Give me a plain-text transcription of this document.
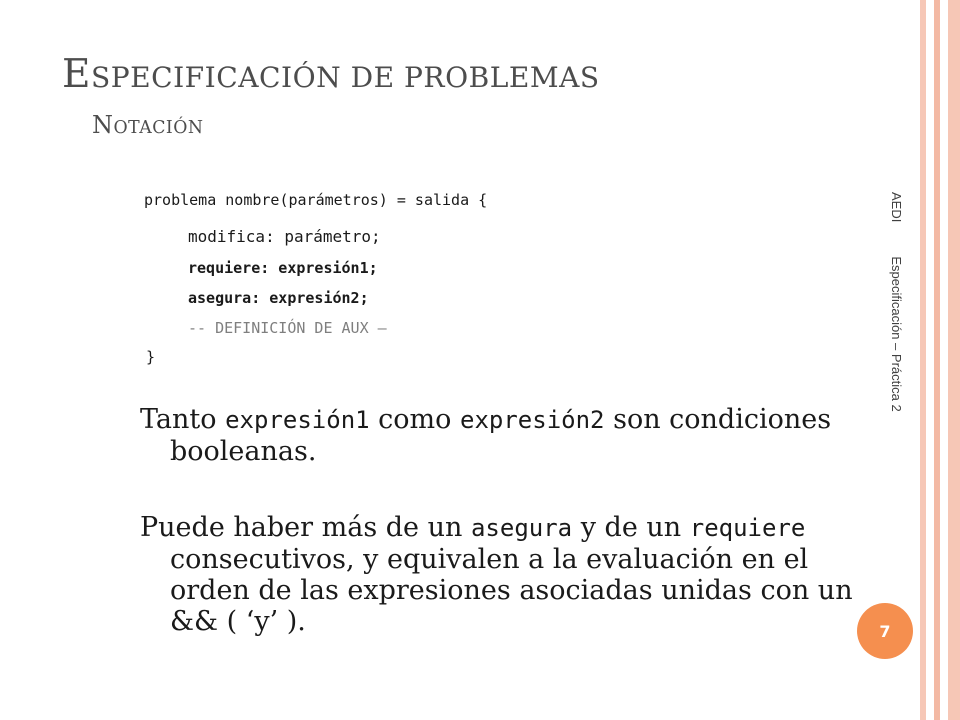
ESPECIFICACIÓN DE PROBLEMAS
NOTACIÓN
problema nombre(parámetros) = salida {
modifica: parámetro;
requiere: expresión1;
asegura: expresión2;
-- DEFINICIÓN DE AUX –
}

Tanto expresión1 como expresión2 son condiciones booleanas.

Puede haber más de un asegura y de un requiere consecutivos, y equivalen a la evaluación en el orden de las expresiones asociadas unidas con un && ( ‘y’ ).

AEDIEspecificación – Práctica 2
7
